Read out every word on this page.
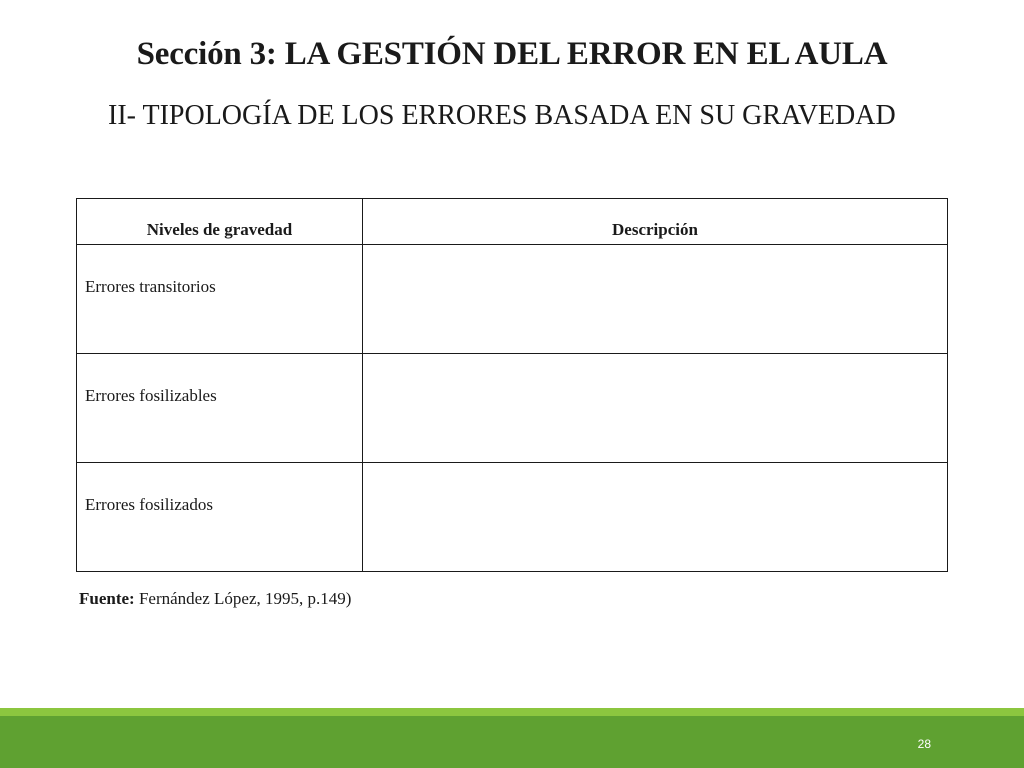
Sección 3: LA GESTIÓN DEL ERROR EN EL AULA
II- TIPOLOGÍA DE LOS ERRORES BASADA EN SU GRAVEDAD
Niveles de gravedad	Descripción
Errores transitorios	
Errores fosilizables	
Errores fosilizados	
Fuente: Fernández López, 1995, p.149)
28
